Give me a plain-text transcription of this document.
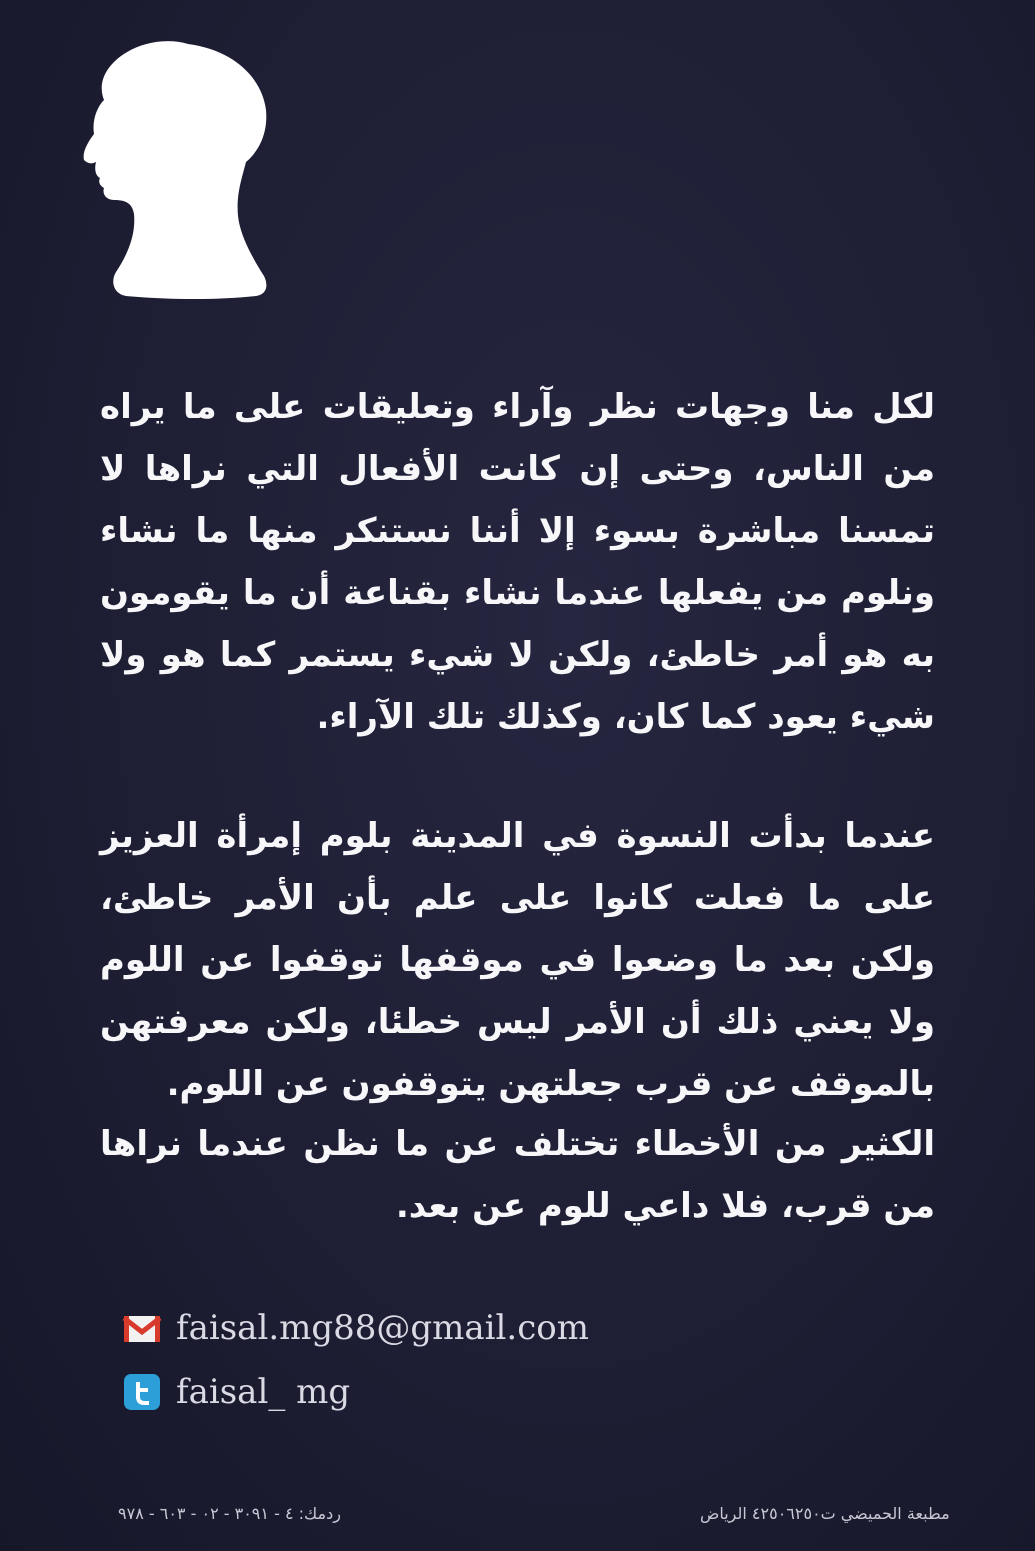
لكل منا وجهات نظر وآراء وتعليقات على ما يراه من الناس، وحتى إن كانت الأفعال التي نراها لا تمسنا مباشرة بسوء إلا أننا نستنكر منها ما نشاء ونلوم من يفعلها عندما نشاء بقناعة أن ما يقومون به هو أمر خاطئ، ولكن لا شيء يستمر كما هو ولا شيء يعود كما كان، وكذلك تلك الآراء.

عندما بدأت النسوة في المدينة بلوم إمرأة العزيز على ما فعلت كانوا على علم بأن الأمر خاطئ، ولكن بعد ما وضعوا في موقفها توقفوا عن اللوم ولا يعني ذلك أن الأمر ليس خطئا، ولكن معرفتهن بالموقف عن قرب جعلتهن يتوقفون عن اللوم.

الكثير من الأخطاء تختلف عن ما نظن عندما نراها من قرب، فلا داعي للوم عن بعد.

faisal.mg88@gmail.com
faisal_ mg
ردمك: ٤ - ٣٠٩١ - ٠٢ - ٦٠٣ - ٩٧٨	مطبعة الحميضي ت٤٢٥٠٦٢٥٠ الرياض
